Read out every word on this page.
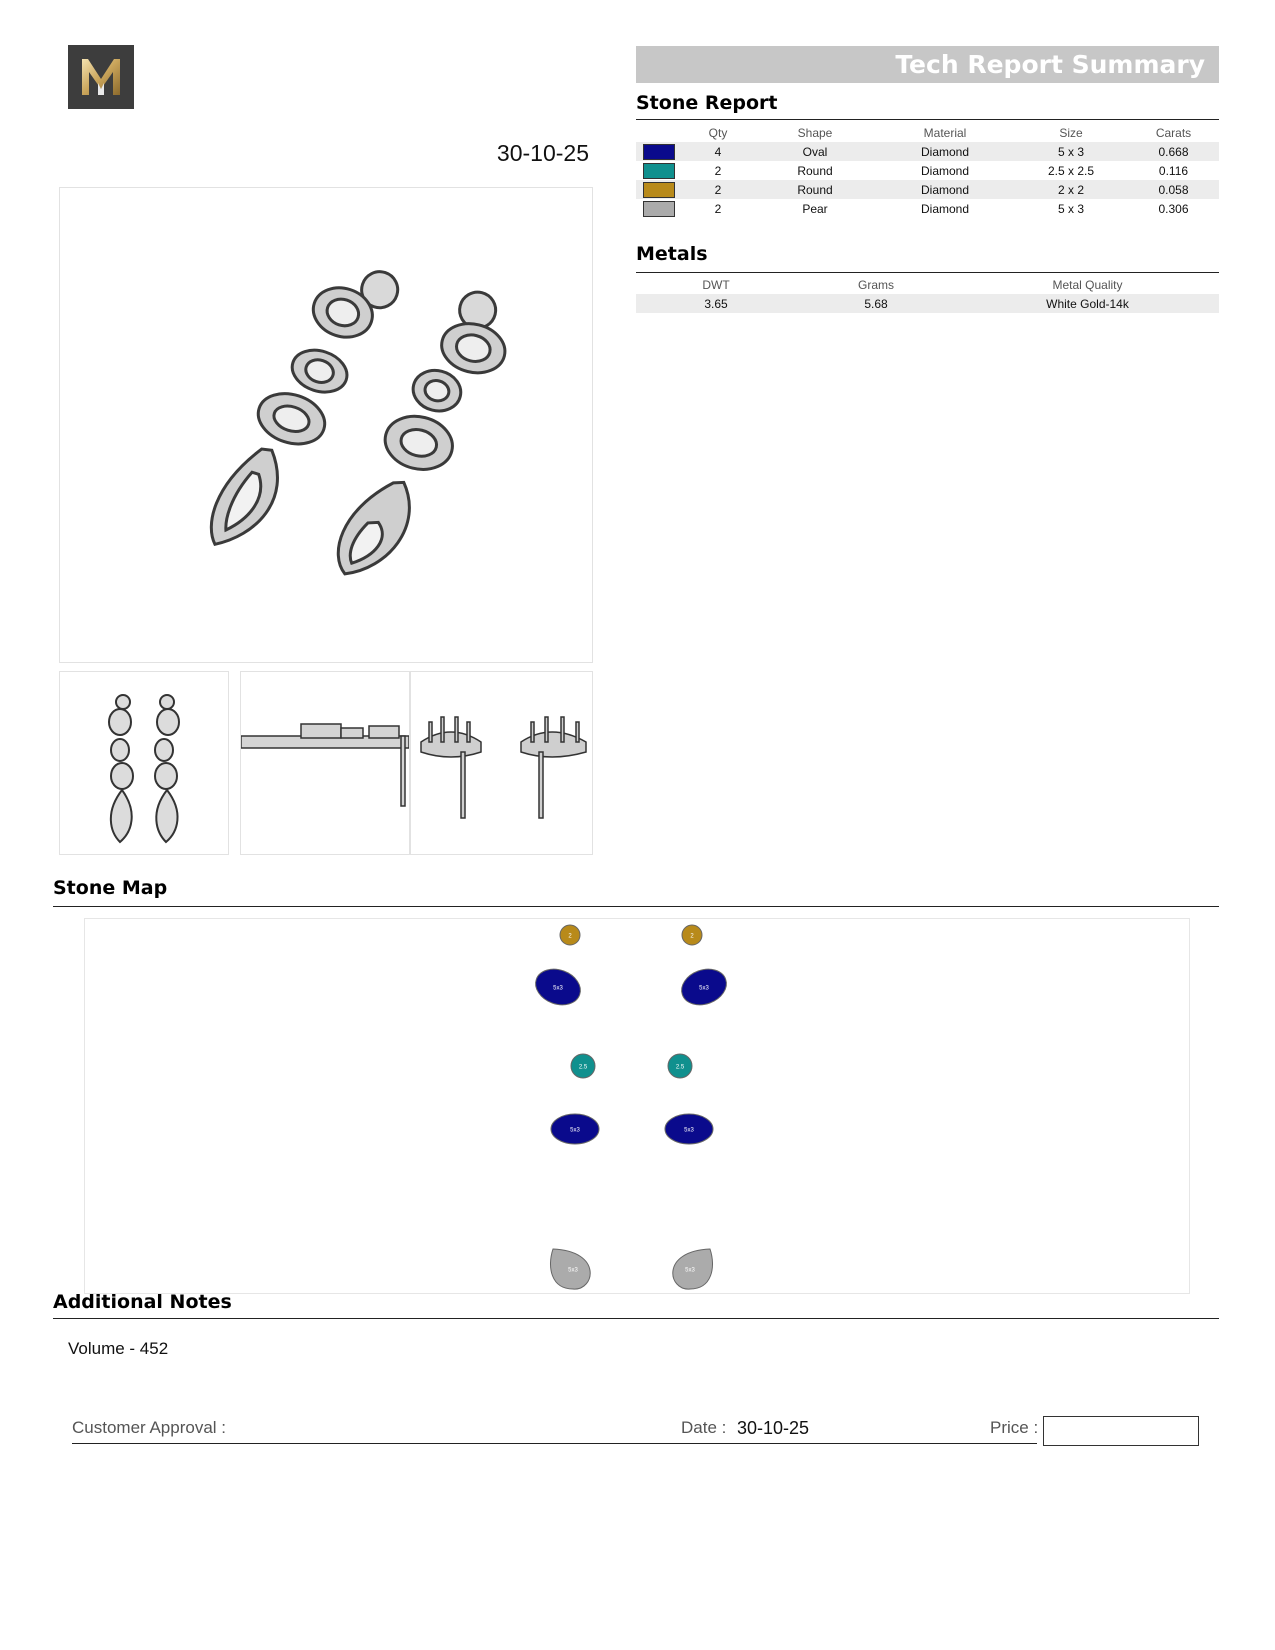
Tech Report Summary
30-10-25
Stone Report
	Qty	Shape	Material	Size	Carats
	4	Oval	Diamond	5 x 3	0.668
	2	Round	Diamond	2.5 x 2.5	0.116
	2	Round	Diamond	2 x 2	0.058
	2	Pear	Diamond	5 x 3	0.306
Metals
DWT	Grams	Metal Quality
3.65	5.68	White Gold-14k
Stone Map
2	2
5x3	5x3
2.5	2.5
5x3	5x3
5x3	5x3
Additional Notes
Volume - 452
Customer Approval :	Date : 30-10-25	Price :
